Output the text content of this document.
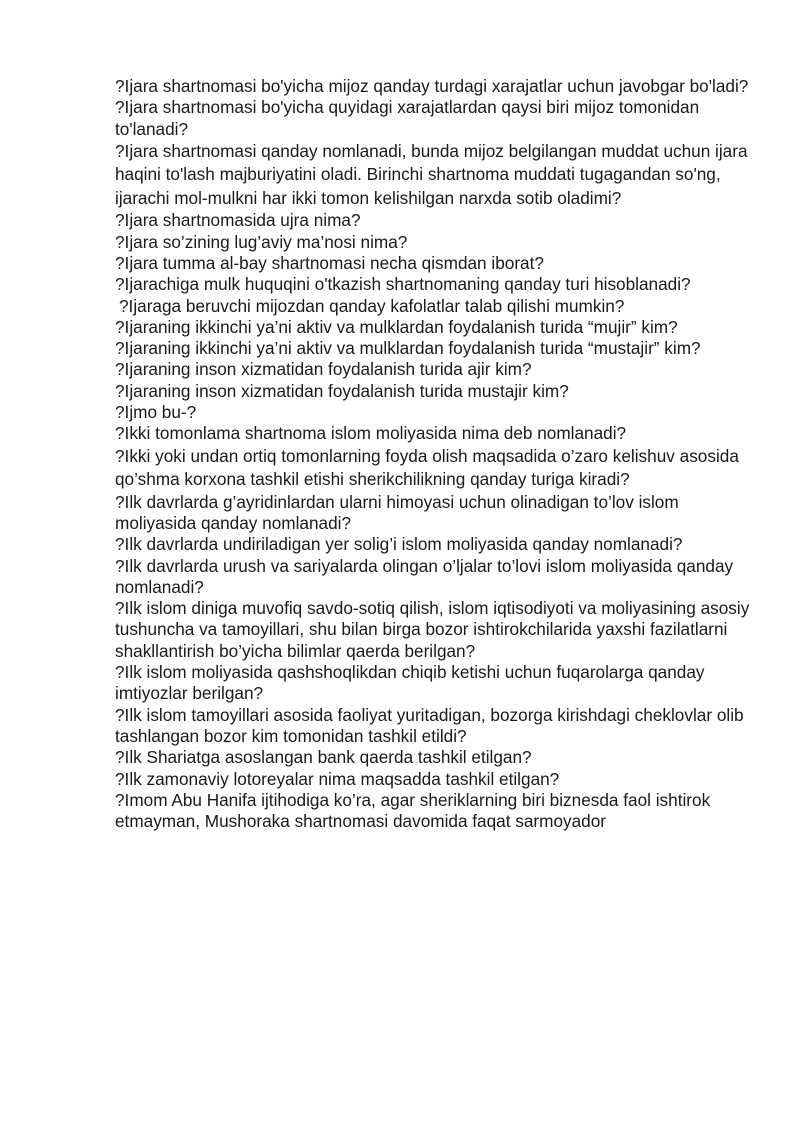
?Ijara shartnomasi bo'yicha mijoz qanday turdagi xarajatlar uchun javobgar bo'ladi?

?Ijara shartnomasi bo'yicha quyidagi xarajatlardan qaysi biri mijoz tomonidan to'lanadi?

?Ijara shartnomasi qanday nomlanadi, bunda mijoz belgilangan muddat uchun ijara haqini to'lash majburiyatini oladi. Birinchi shartnoma muddati tugagandan so'ng, ijarachi mol-mulkni har ikki tomon kelishilgan narxda sotib oladimi?

?Ijara shartnomasida ujra nima?

?Ijara so’zining lug’aviy ma’nosi nima?

?Ijara tumma al-bay shartnomasi necha qismdan iborat?

?Ijarachiga mulk huquqini o'tkazish shartnomaning qanday turi hisoblanadi?

?Ijaraga beruvchi mijozdan qanday kafolatlar talab qilishi mumkin?

?Ijaraning ikkinchi ya’ni aktiv va mulklardan foydalanish turida “mujir” kim?

?Ijaraning ikkinchi ya’ni aktiv va mulklardan foydalanish turida “mustajir” kim?

?Ijaraning inson xizmatidan foydalanish turida ajir kim?

?Ijaraning inson xizmatidan foydalanish turida mustajir kim?

?Ijmo bu-?

?Ikki tomonlama shartnoma islom moliyasida nima deb nomlanadi?

?Ikki yoki undan ortiq tomonlarning foyda olish maqsadida o’zaro kelishuv asosida qo’shma korxona tashkil etishi sherikchilikning qanday turiga kiradi?

?Ilk davrlarda g’ayridinlardan ularni himoyasi uchun olinadigan to’lov islom moliyasida qanday nomlanadi?

?Ilk davrlarda undiriladigan yer solig’i islom moliyasida qanday nomlanadi?

?Ilk davrlarda urush va sariyalarda olingan o’ljalar to’lovi islom moliyasida qanday nomlanadi?

?Ilk islom diniga muvofiq savdo-sotiq qilish, islom iqtisodiyoti va moliyasining asosiy tushuncha va tamoyillari, shu bilan birga bozor ishtirokchilarida yaxshi fazilatlarni shakllantirish bo’yicha bilimlar qaerda berilgan?

?Ilk islom moliyasida qashshoqlikdan chiqib ketishi uchun fuqarolarga qanday imtiyozlar berilgan?

?Ilk islom tamoyillari asosida faoliyat yuritadigan, bozorga kirishdagi cheklovlar olib tashlangan bozor kim tomonidan tashkil etildi?

?Ilk Shariatga asoslangan bank qaerda tashkil etilgan?

?Ilk zamonaviy lotoreyalar nima maqsadda tashkil etilgan?

?Imom Abu Hanifa ijtihodiga ko’ra, agar sheriklarning biri biznesda faol ishtirok etmayman, Mushoraka shartnomasi davomida faqat sarmoyador
